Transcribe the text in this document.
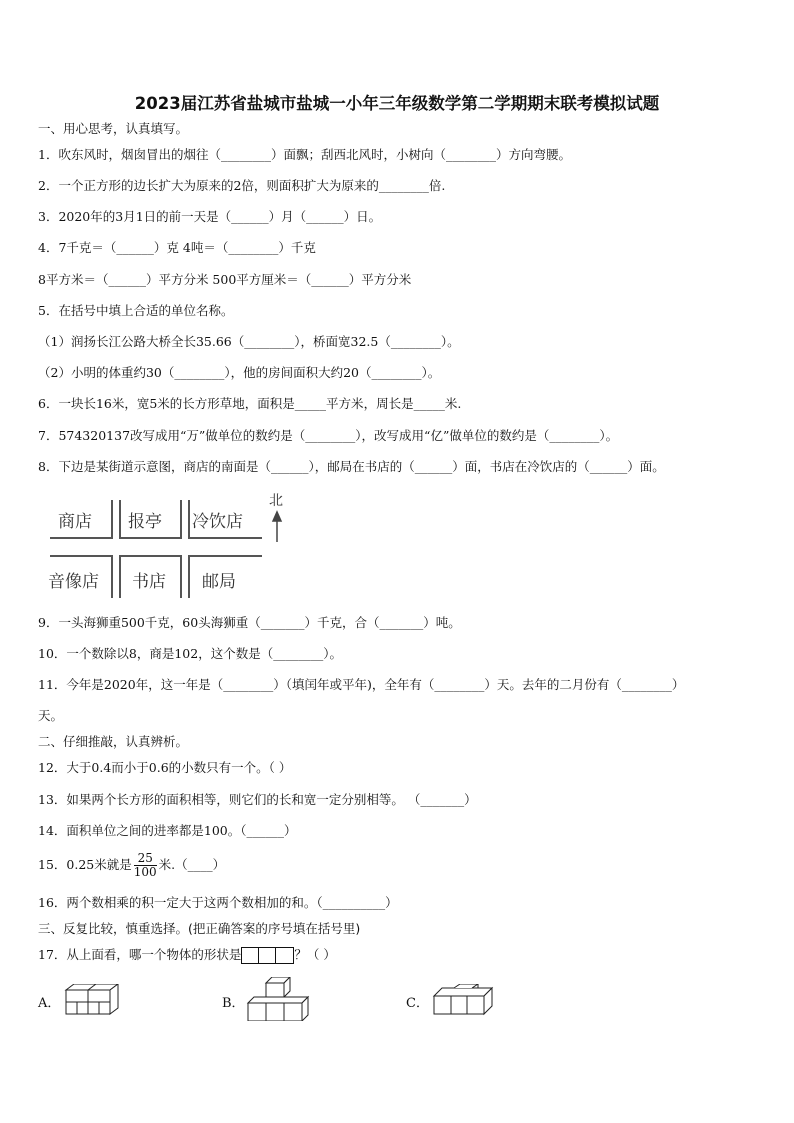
2023届江苏省盐城市盐城一小年三年级数学第二学期期末联考模拟试题
一、用心思考，认真填写。
1．吹东风时，烟囱冒出的烟往（________）面飘；刮西北风时，小树向（________）方向弯腰。
2．一个正方形的边长扩大为原来的2倍，则面积扩大为原来的________倍.
3．2020年的3月1日的前一天是（______）月（______）日。
4．7千克＝（______）克 4吨＝（________）千克
8平方米＝（______）平方分米 500平方厘米＝（______）平方分米
5．在括号中填上合适的单位名称。
（1）润扬长江公路大桥全长35.66（________），桥面宽32.5（________）。
（2）小明的体重约30（________），他的房间面积大约20（________）。
6．一块长16米，宽5米的长方形草地，面积是_____平方米，周长是_____米.
7．574320137改写成用“万”做单位的数约是（________），改写成用“亿”做单位的数约是（________）。
8．下边是某街道示意图，商店的南面是（______），邮局在书店的（______）面，书店在冷饮店的（______）面。
商店 报亭 冷饮店
北
音像店 书店 邮局
9．一头海狮重500千克，60头海狮重（_______）千克，合（_______）吨。
10．一个数除以8，商是102，这个数是（________）。
11．今年是2020年，这一年是（________）（填闰年或平年)，全年有（________）天。去年的二月份有（________）
天。
二、仔细推敲，认真辨析。
12．大于0.4而小于0.6的小数只有一个。（ ）
13．如果两个长方形的面积相等，则它们的长和宽一定分别相等。 （_______）
14．面积单位之间的进率都是100。（______）
15．0.25米就是 $\frac{25}{100}$ 米.（____）
16．两个数相乘的积一定大于这两个数相加的和。（__________）
三、反复比较，慎重选择。(把正确答案的序号填在括号里)
17．从上面看，哪一个物体的形状是	？（ ）
A．	B．	C．
